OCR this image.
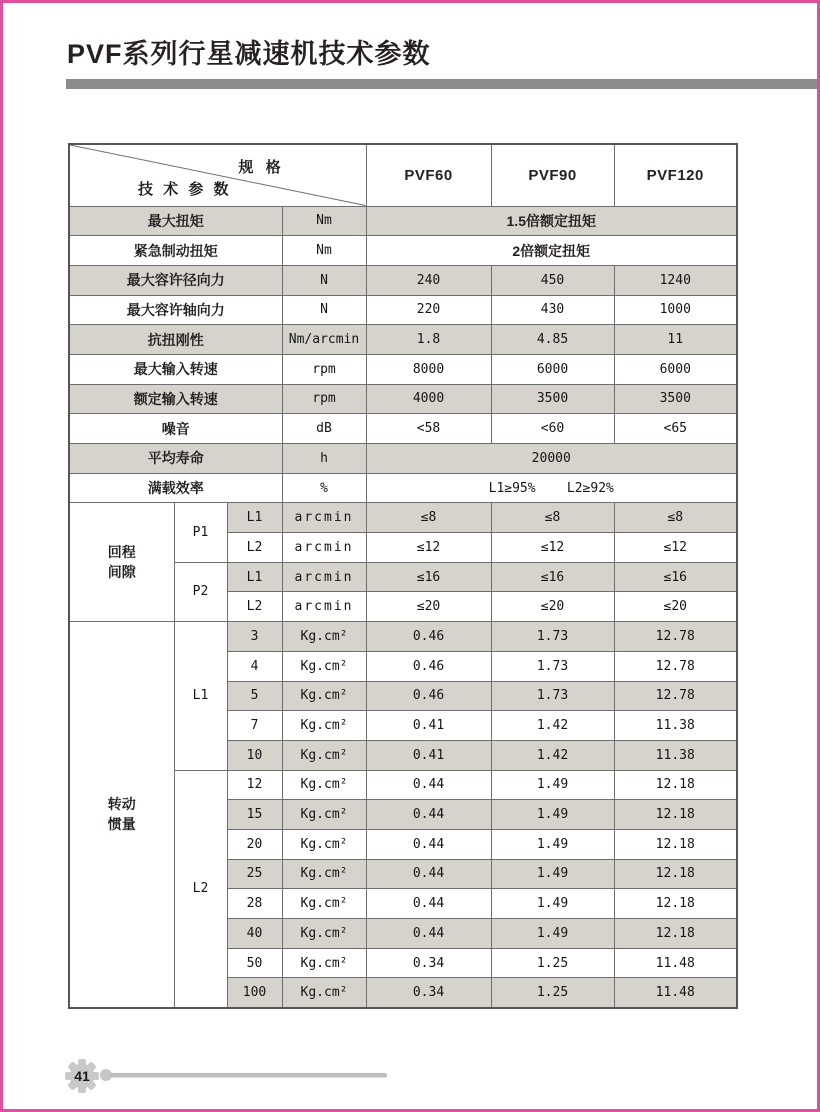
PVF系列行星减速机技术参数
规 格
技 术 参 数				PVF60	PVF90	PVF120
最大扭矩			Nm	1.5倍额定扭矩		
紧急制动扭矩			Nm	2倍额定扭矩		
最大容许径向力			N	240	450	1240
最大容许轴向力			N	220	430	1000
抗扭刚性			Nm/arcmin	1.8	4.85	11
最大输入转速			rpm	8000	6000	6000
额定输入转速			rpm	4000	3500	3500
噪音			dB	<58	<60	<65
平均寿命			h	20000		
满载效率			%	L1≥95%    L2≥92%		

回程
间隙	P1	L1	arcmin	≤8	≤8	≤8
		L2	arcmin	≤12	≤12	≤12
	P2	L1	arcmin	≤16	≤16	≤16
		L2	arcmin	≤20	≤20	≤20

转动
惯量	L1	3	Kg.cm²	0.46	1.73	12.78
		4	Kg.cm²	0.46	1.73	12.78
		5	Kg.cm²	0.46	1.73	12.78
		7	Kg.cm²	0.41	1.42	11.38
		10	Kg.cm²	0.41	1.42	11.38
	L2	12	Kg.cm²	0.44	1.49	12.18
		15	Kg.cm²	0.44	1.49	12.18
		20	Kg.cm²	0.44	1.49	12.18
		25	Kg.cm²	0.44	1.49	12.18
		28	Kg.cm²	0.44	1.49	12.18
		40	Kg.cm²	0.44	1.49	12.18
		50	Kg.cm²	0.34	1.25	11.48
		100	Kg.cm²	0.34	1.25	11.48
41
